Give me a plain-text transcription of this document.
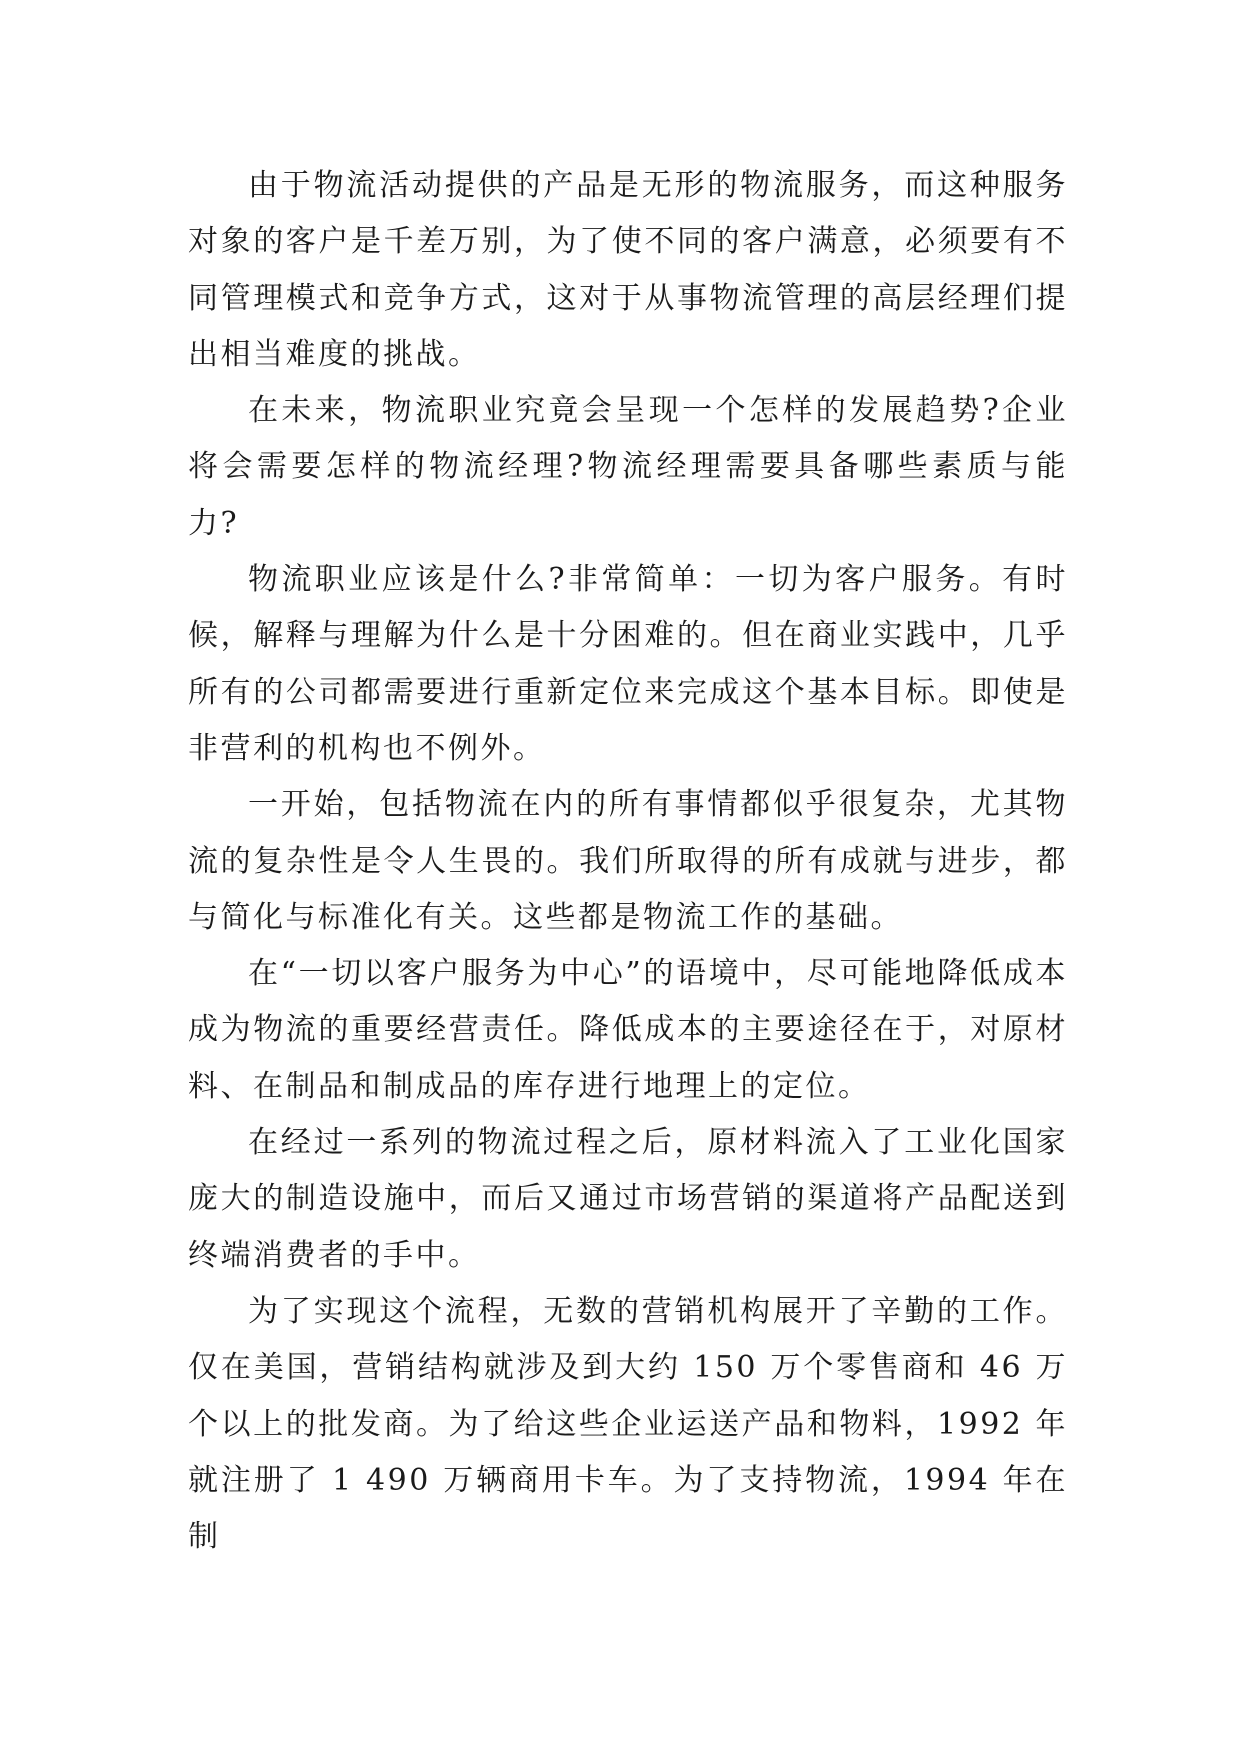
由于物流活动提供的产品是无形的物流服务，而这种服务对象的客户是千差万别，为了使不同的客户满意，必须要有不同管理模式和竞争方式，这对于从事物流管理的高层经理们提出相当难度的挑战。

在未来，物流职业究竟会呈现一个怎样的发展趋势?企业将会需要怎样的物流经理?物流经理需要具备哪些素质与能力?

物流职业应该是什么?非常简单：一切为客户服务。有时候，解释与理解为什么是十分困难的。但在商业实践中，几乎所有的公司都需要进行重新定位来完成这个基本目标。即使是非营利的机构也不例外。

一开始，包括物流在内的所有事情都似乎很复杂，尤其物流的复杂性是令人生畏的。我们所取得的所有成就与进步，都与简化与标准化有关。这些都是物流工作的基础。

在“一切以客户服务为中心”的语境中，尽可能地降低成本成为物流的重要经营责任。降低成本的主要途径在于，对原材料、在制品和制成品的库存进行地理上的定位。

在经过一系列的物流过程之后，原材料流入了工业化国家庞大的制造设施中，而后又通过市场营销的渠道将产品配送到终端消费者的手中。

为了实现这个流程，无数的营销机构展开了辛勤的工作。仅在美国，营销结构就涉及到大约 150 万个零售商和 46 万个以上的批发商。为了给这些企业运送产品和物料，1992 年就注册了 1 490 万辆商用卡车。为了支持物流，1994 年在制
